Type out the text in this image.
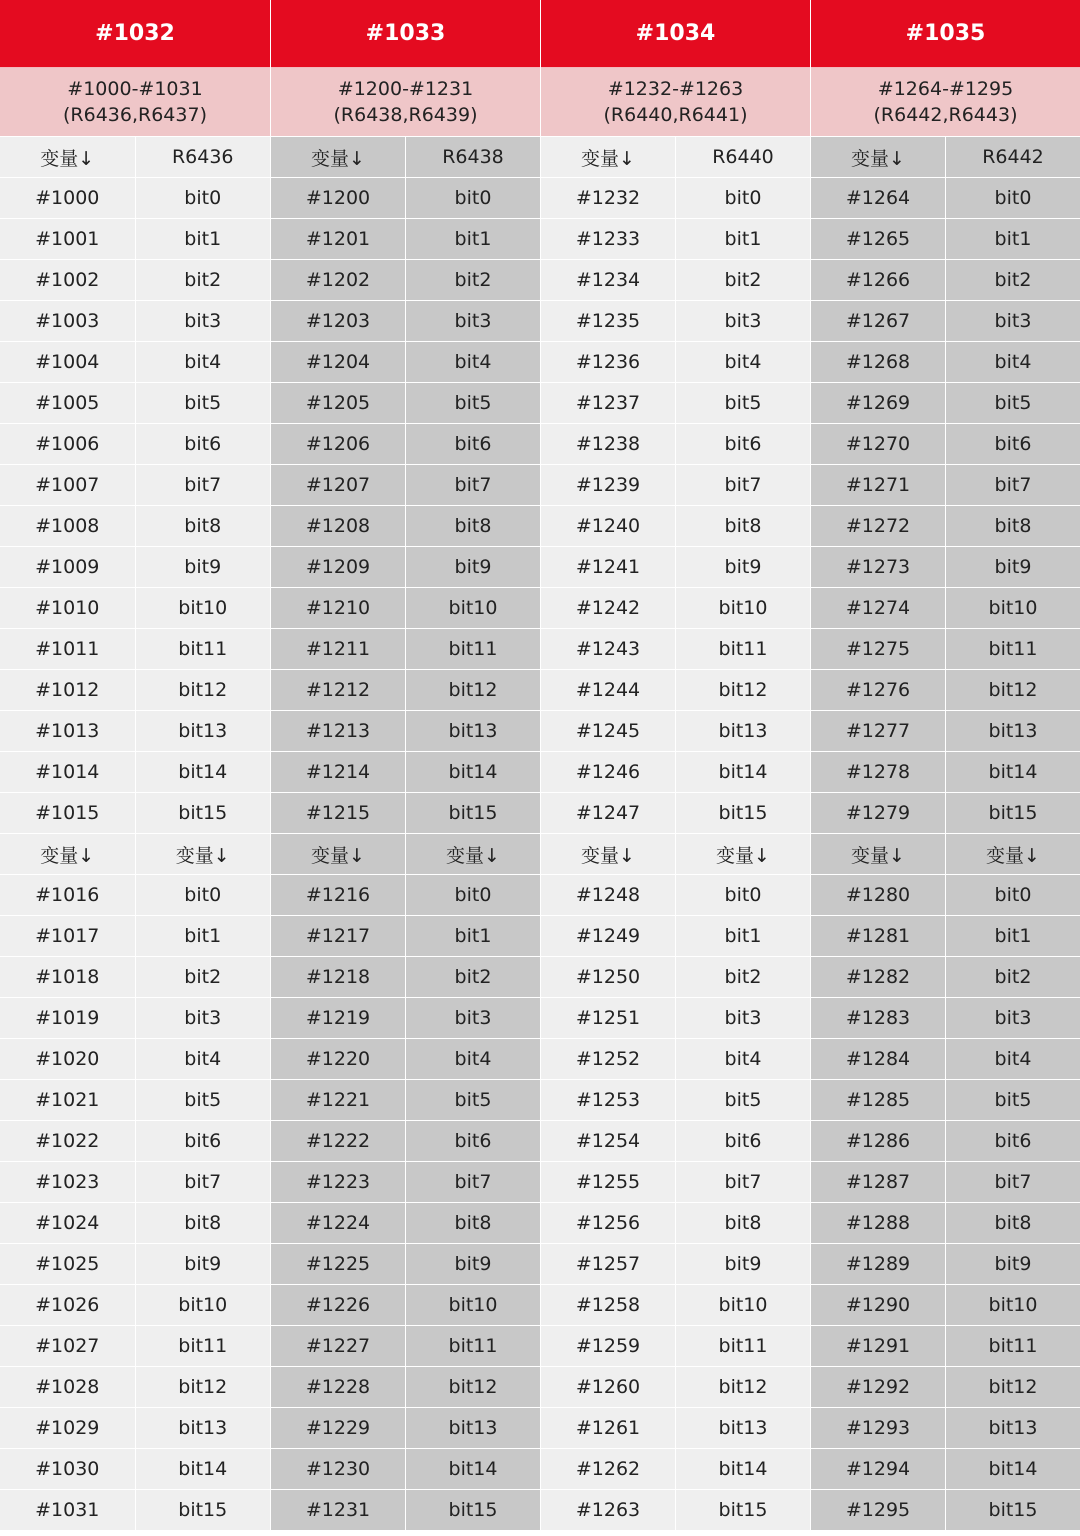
#1032
#1000-#1031
(R6436,R6437)
变量↓	R6436
#1000	bit0
#1001	bit1
#1002	bit2
#1003	bit3
#1004	bit4
#1005	bit5
#1006	bit6
#1007	bit7
#1008	bit8
#1009	bit9
#1010	bit10
#1011	bit11
#1012	bit12
#1013	bit13
#1014	bit14
#1015	bit15
变量↓	变量↓
#1016	bit0
#1017	bit1
#1018	bit2
#1019	bit3
#1020	bit4
#1021	bit5
#1022	bit6
#1023	bit7
#1024	bit8
#1025	bit9
#1026	bit10
#1027	bit11
#1028	bit12
#1029	bit13
#1030	bit14
#1031	bit15
#1033
#1200-#1231
(R6438,R6439)
变量↓	R6438
#1200	bit0
#1201	bit1
#1202	bit2
#1203	bit3
#1204	bit4
#1205	bit5
#1206	bit6
#1207	bit7
#1208	bit8
#1209	bit9
#1210	bit10
#1211	bit11
#1212	bit12
#1213	bit13
#1214	bit14
#1215	bit15
变量↓	变量↓
#1216	bit0
#1217	bit1
#1218	bit2
#1219	bit3
#1220	bit4
#1221	bit5
#1222	bit6
#1223	bit7
#1224	bit8
#1225	bit9
#1226	bit10
#1227	bit11
#1228	bit12
#1229	bit13
#1230	bit14
#1231	bit15
#1034
#1232-#1263
(R6440,R6441)
变量↓	R6440
#1232	bit0
#1233	bit1
#1234	bit2
#1235	bit3
#1236	bit4
#1237	bit5
#1238	bit6
#1239	bit7
#1240	bit8
#1241	bit9
#1242	bit10
#1243	bit11
#1244	bit12
#1245	bit13
#1246	bit14
#1247	bit15
变量↓	变量↓
#1248	bit0
#1249	bit1
#1250	bit2
#1251	bit3
#1252	bit4
#1253	bit5
#1254	bit6
#1255	bit7
#1256	bit8
#1257	bit9
#1258	bit10
#1259	bit11
#1260	bit12
#1261	bit13
#1262	bit14
#1263	bit15
#1035
#1264-#1295
(R6442,R6443)
变量↓	R6442
#1264	bit0
#1265	bit1
#1266	bit2
#1267	bit3
#1268	bit4
#1269	bit5
#1270	bit6
#1271	bit7
#1272	bit8
#1273	bit9
#1274	bit10
#1275	bit11
#1276	bit12
#1277	bit13
#1278	bit14
#1279	bit15
变量↓	变量↓
#1280	bit0
#1281	bit1
#1282	bit2
#1283	bit3
#1284	bit4
#1285	bit5
#1286	bit6
#1287	bit7
#1288	bit8
#1289	bit9
#1290	bit10
#1291	bit11
#1292	bit12
#1293	bit13
#1294	bit14
#1295	bit15
